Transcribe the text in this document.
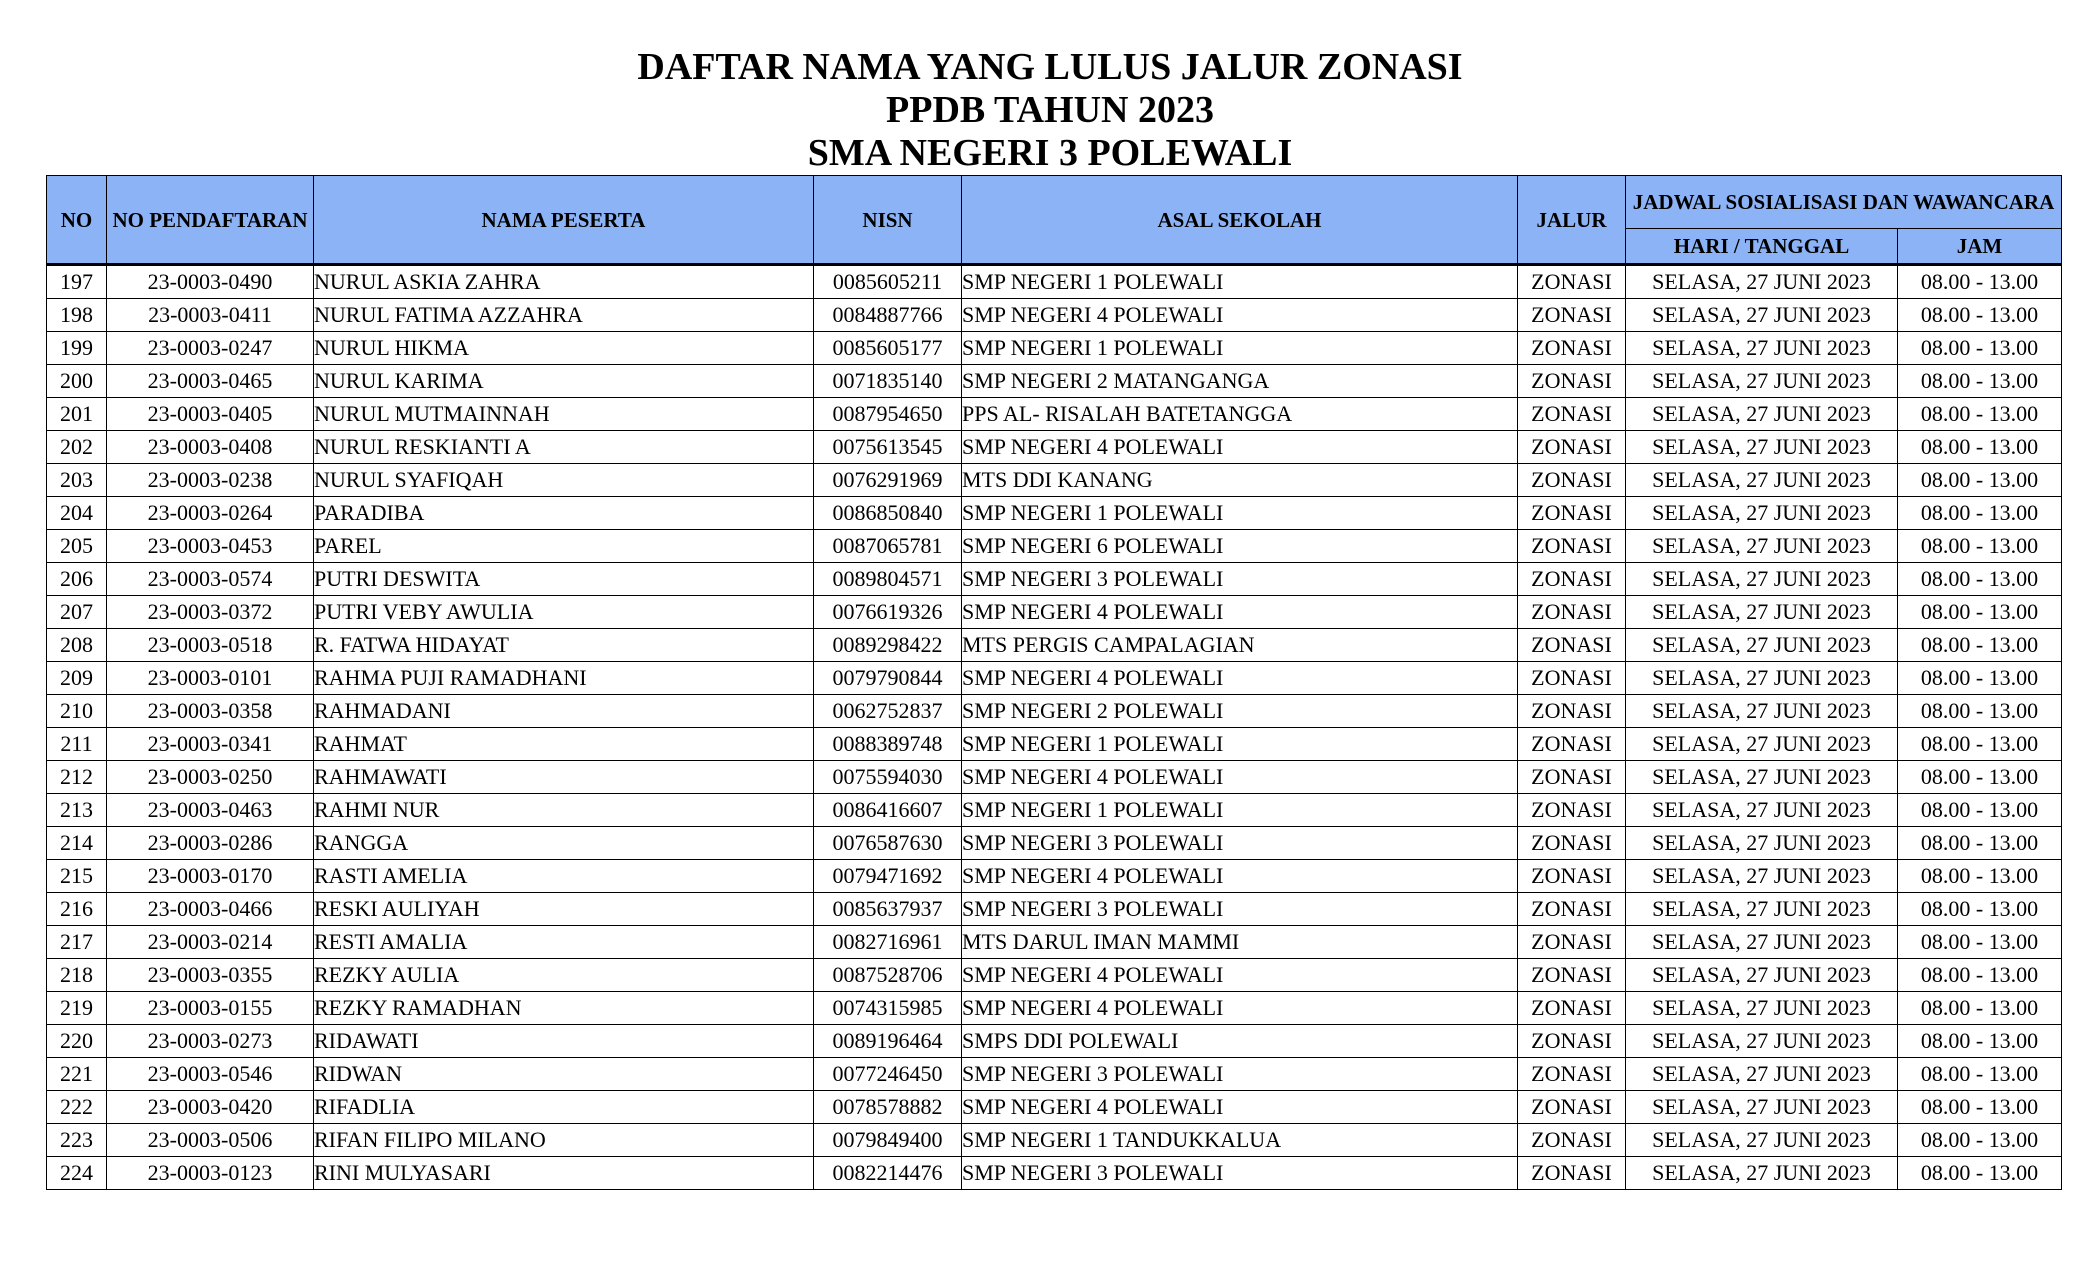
DAFTAR NAMA YANG LULUS JALUR ZONASI
PPDB TAHUN 2023
SMA NEGERI 3 POLEWALI
NO	NO PENDAFTARAN	NAMA PESERTA	NISN	ASAL SEKOLAH	JALUR	JADWAL SOSIALISASI DAN WAWANCARA	
						HARI / TANGGAL	JAM
197	23-0003-0490	NURUL ASKIA ZAHRA	0085605211	SMP NEGERI 1 POLEWALI	ZONASI	SELASA, 27 JUNI 2023	08.00 - 13.00
198	23-0003-0411	NURUL FATIMA AZZAHRA	0084887766	SMP NEGERI 4 POLEWALI	ZONASI	SELASA, 27 JUNI 2023	08.00 - 13.00
199	23-0003-0247	NURUL HIKMA	0085605177	SMP NEGERI 1 POLEWALI	ZONASI	SELASA, 27 JUNI 2023	08.00 - 13.00
200	23-0003-0465	NURUL KARIMA	0071835140	SMP NEGERI 2 MATANGANGA	ZONASI	SELASA, 27 JUNI 2023	08.00 - 13.00
201	23-0003-0405	NURUL MUTMAINNAH	0087954650	PPS AL- RISALAH BATETANGGA	ZONASI	SELASA, 27 JUNI 2023	08.00 - 13.00
202	23-0003-0408	NURUL RESKIANTI A	0075613545	SMP NEGERI 4 POLEWALI	ZONASI	SELASA, 27 JUNI 2023	08.00 - 13.00
203	23-0003-0238	NURUL SYAFIQAH	0076291969	MTS DDI KANANG	ZONASI	SELASA, 27 JUNI 2023	08.00 - 13.00
204	23-0003-0264	PARADIBA	0086850840	SMP NEGERI 1 POLEWALI	ZONASI	SELASA, 27 JUNI 2023	08.00 - 13.00
205	23-0003-0453	PAREL	0087065781	SMP NEGERI 6 POLEWALI	ZONASI	SELASA, 27 JUNI 2023	08.00 - 13.00
206	23-0003-0574	PUTRI DESWITA	0089804571	SMP NEGERI 3 POLEWALI	ZONASI	SELASA, 27 JUNI 2023	08.00 - 13.00
207	23-0003-0372	PUTRI VEBY AWULIA	0076619326	SMP NEGERI 4 POLEWALI	ZONASI	SELASA, 27 JUNI 2023	08.00 - 13.00
208	23-0003-0518	R. FATWA HIDAYAT	0089298422	MTS PERGIS CAMPALAGIAN	ZONASI	SELASA, 27 JUNI 2023	08.00 - 13.00
209	23-0003-0101	RAHMA PUJI RAMADHANI	0079790844	SMP NEGERI 4 POLEWALI	ZONASI	SELASA, 27 JUNI 2023	08.00 - 13.00
210	23-0003-0358	RAHMADANI	0062752837	SMP NEGERI 2 POLEWALI	ZONASI	SELASA, 27 JUNI 2023	08.00 - 13.00
211	23-0003-0341	RAHMAT	0088389748	SMP NEGERI 1 POLEWALI	ZONASI	SELASA, 27 JUNI 2023	08.00 - 13.00
212	23-0003-0250	RAHMAWATI	0075594030	SMP NEGERI 4 POLEWALI	ZONASI	SELASA, 27 JUNI 2023	08.00 - 13.00
213	23-0003-0463	RAHMI NUR	0086416607	SMP NEGERI 1 POLEWALI	ZONASI	SELASA, 27 JUNI 2023	08.00 - 13.00
214	23-0003-0286	RANGGA	0076587630	SMP NEGERI 3 POLEWALI	ZONASI	SELASA, 27 JUNI 2023	08.00 - 13.00
215	23-0003-0170	RASTI AMELIA	0079471692	SMP NEGERI 4 POLEWALI	ZONASI	SELASA, 27 JUNI 2023	08.00 - 13.00
216	23-0003-0466	RESKI AULIYAH	0085637937	SMP NEGERI 3 POLEWALI	ZONASI	SELASA, 27 JUNI 2023	08.00 - 13.00
217	23-0003-0214	RESTI AMALIA	0082716961	MTS DARUL IMAN MAMMI	ZONASI	SELASA, 27 JUNI 2023	08.00 - 13.00
218	23-0003-0355	REZKY AULIA	0087528706	SMP NEGERI 4 POLEWALI	ZONASI	SELASA, 27 JUNI 2023	08.00 - 13.00
219	23-0003-0155	REZKY RAMADHAN	0074315985	SMP NEGERI 4 POLEWALI	ZONASI	SELASA, 27 JUNI 2023	08.00 - 13.00
220	23-0003-0273	RIDAWATI	0089196464	SMPS DDI POLEWALI	ZONASI	SELASA, 27 JUNI 2023	08.00 - 13.00
221	23-0003-0546	RIDWAN	0077246450	SMP NEGERI 3 POLEWALI	ZONASI	SELASA, 27 JUNI 2023	08.00 - 13.00
222	23-0003-0420	RIFADLIA	0078578882	SMP NEGERI 4 POLEWALI	ZONASI	SELASA, 27 JUNI 2023	08.00 - 13.00
223	23-0003-0506	RIFAN FILIPO MILANO	0079849400	SMP NEGERI 1 TANDUKKALUA	ZONASI	SELASA, 27 JUNI 2023	08.00 - 13.00
224	23-0003-0123	RINI MULYASARI	0082214476	SMP NEGERI 3 POLEWALI	ZONASI	SELASA, 27 JUNI 2023	08.00 - 13.00
